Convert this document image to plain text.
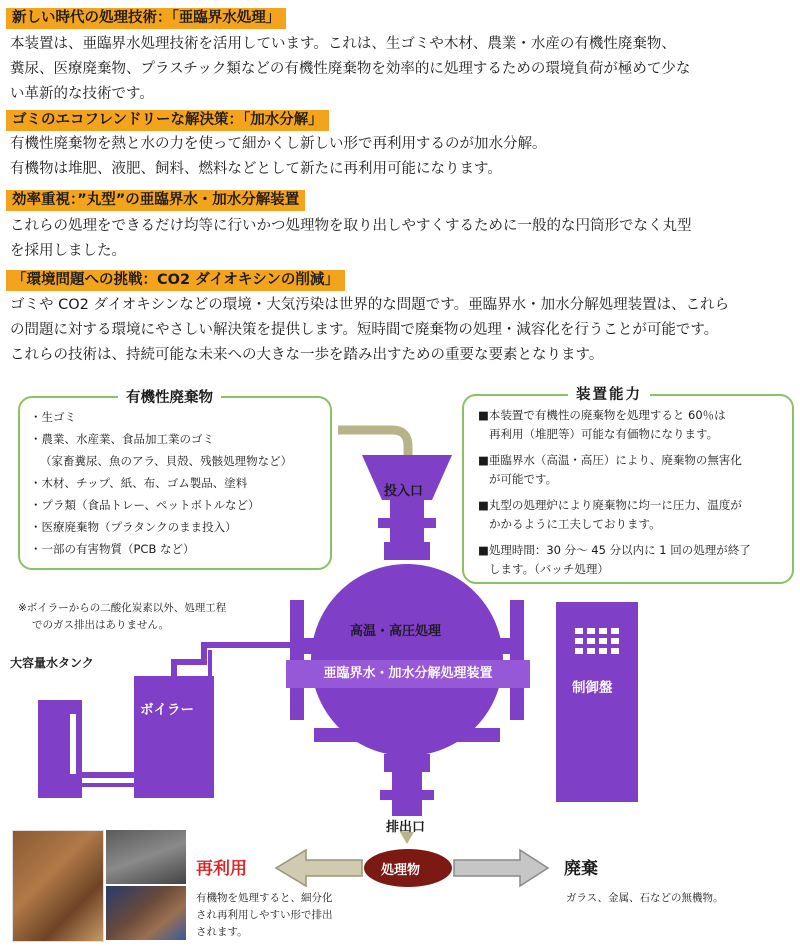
新しい時代の処理技術：「亜臨界水処理」
本装置は、亜臨界水処理技術を活用しています。これは、生ゴミや木材、農業・水産の有機性廃棄物、
糞尿、医療廃棄物、プラスチック類などの有機性廃棄物を効率的に処理するための環境負荷が極めて少な
い革新的な技術です。
ゴミのエコフレンドリーな解決策：「加水分解」
有機性廃棄物を熱と水の力を使って細かくし新しい形で再利用するのが加水分解。
有機物は堆肥、液肥、飼料、燃料などとして新たに再利用可能になります。
効率重視：”丸型”の亜臨界水・加水分解装置
これらの処理をできるだけ均等に行いかつ処理物を取り出しやすくするために一般的な円筒形でなく丸型
を採用しました。
「環境問題への挑戦：CO2 ダイオキシンの削減」
ゴミや CO2 ダイオキシンなどの環境・大気汚染は世界的な問題です。亜臨界水・加水分解処理装置は、これら
の問題に対する環境にやさしい解決策を提供します。短時間で廃棄物の処理・減容化を行うことが可能です。
これらの技術は、持続可能な未来への大きな一歩を踏み出すための重要な要素となります。
投入口
高温・高圧処理
亜臨界水・加水分解処理装置
制御盤
ボイラー
大容量水タンク
排出口
処理物
※ボイラーからの二酸化炭素以外、処理工程
でのガス排出はありません。
有機性廃棄物
・生ゴミ
・農業、水産業、食品加工業のゴミ
（家畜糞尿、魚のアラ、貝殻、残骸処理物など）
・木材、チップ、紙、布、ゴム製品、塗料
・プラ類（食品トレー、ペットボトルなど）
・医療廃棄物（プラタンクのまま投入）
・一部の有害物質（PCB など）
装置能力
■本装置で有機性の廃棄物を処理すると 60％は
再利用（堆肥等）可能な有価物になります。
■亜臨界水（高温・高圧）により、廃棄物の無害化
が可能です。
■丸型の処理炉により廃棄物に均一に圧力、温度が
かかるように工夫しております。
■処理時間：30 分〜 45 分以内に 1 回の処理が終了
します。（バッチ処理）
再利用
有機物を処理すると、細分化
され再利用しやすい形で排出
されます。
廃棄
ガラス、金属、石などの無機物。
